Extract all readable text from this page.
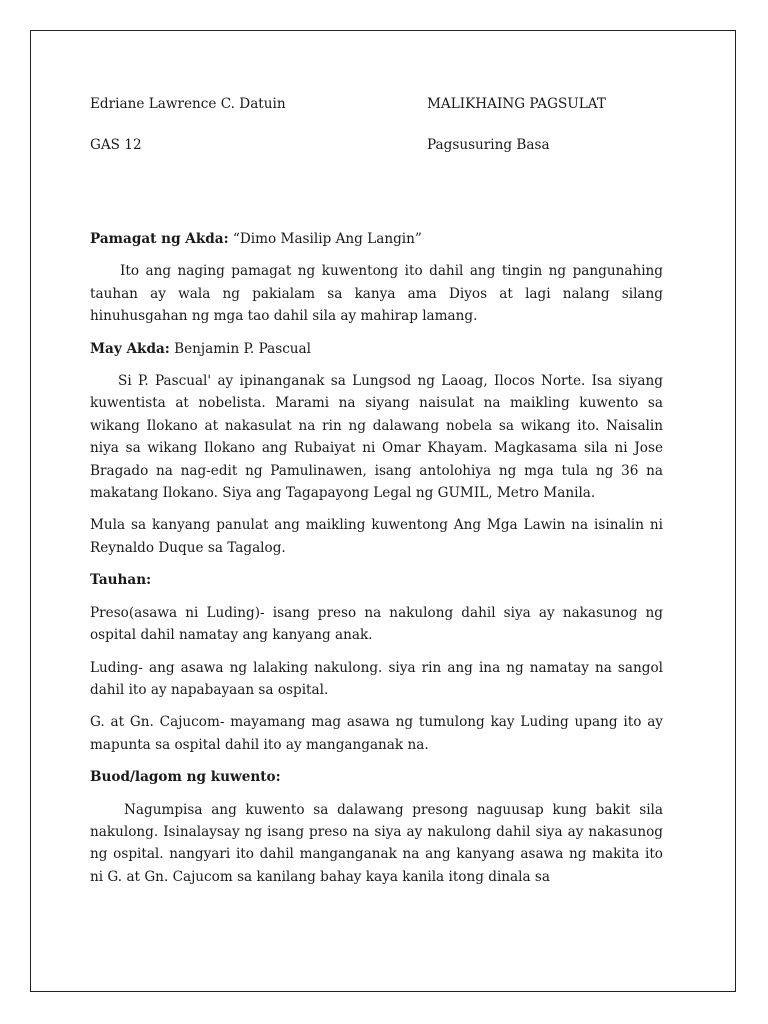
Edriane Lawrence C. Datuin	MALIKHAING PAGSULAT
GAS 12	Pagsusuring Basa

Pamagat ng Akda: “Dimo Masilip Ang Langin”

Ito ang naging pamagat ng kuwentong ito dahil ang tingin ng pangunahing tauhan ay wala ng pakialam sa kanya ama Diyos at lagi nalang silang hinuhusgahan ng mga tao dahil sila ay mahirap lamang.

May Akda: Benjamin P. Pascual

Si P. Pascual' ay ipinanganak sa Lungsod ng Laoag, Ilocos Norte. Isa siyang kuwentista at nobelista. Marami na siyang naisulat na maikling kuwento sa wikang Ilokano at nakasulat na rin ng dalawang nobela sa wikang ito. Naisalin niya sa wikang Ilokano ang Rubaiyat ni Omar Khayam. Magkasama sila ni Jose Bragado na nag-edit ng Pamulinawen, isang antolohiya ng mga tula ng 36 na makatang Ilokano. Siya ang Tagapayong Legal ng GUMIL, Metro Manila.

Mula sa kanyang panulat ang maikling kuwentong Ang Mga Lawin na isinalin ni Reynaldo Duque sa Tagalog.

Tauhan:

Preso(asawa ni Luding)- isang preso na nakulong dahil siya ay nakasunog ng ospital dahil namatay ang kanyang anak.

Luding- ang asawa ng lalaking nakulong. siya rin ang ina ng namatay na sangol dahil ito ay napabayaan sa ospital.

G. at Gn. Cajucom- mayamang mag asawa ng tumulong kay Luding upang ito ay mapunta sa ospital dahil ito ay manganganak na.

Buod/lagom ng kuwento:

Nagumpisa ang kuwento sa dalawang presong naguusap kung bakit sila nakulong. Isinalaysay ng isang preso na siya ay nakulong dahil siya ay nakasunog ng ospital. nangyari ito dahil manganganak na ang kanyang asawa ng makita ito ni G. at Gn. Cajucom sa kanilang bahay kaya kanila itong dinala sa
